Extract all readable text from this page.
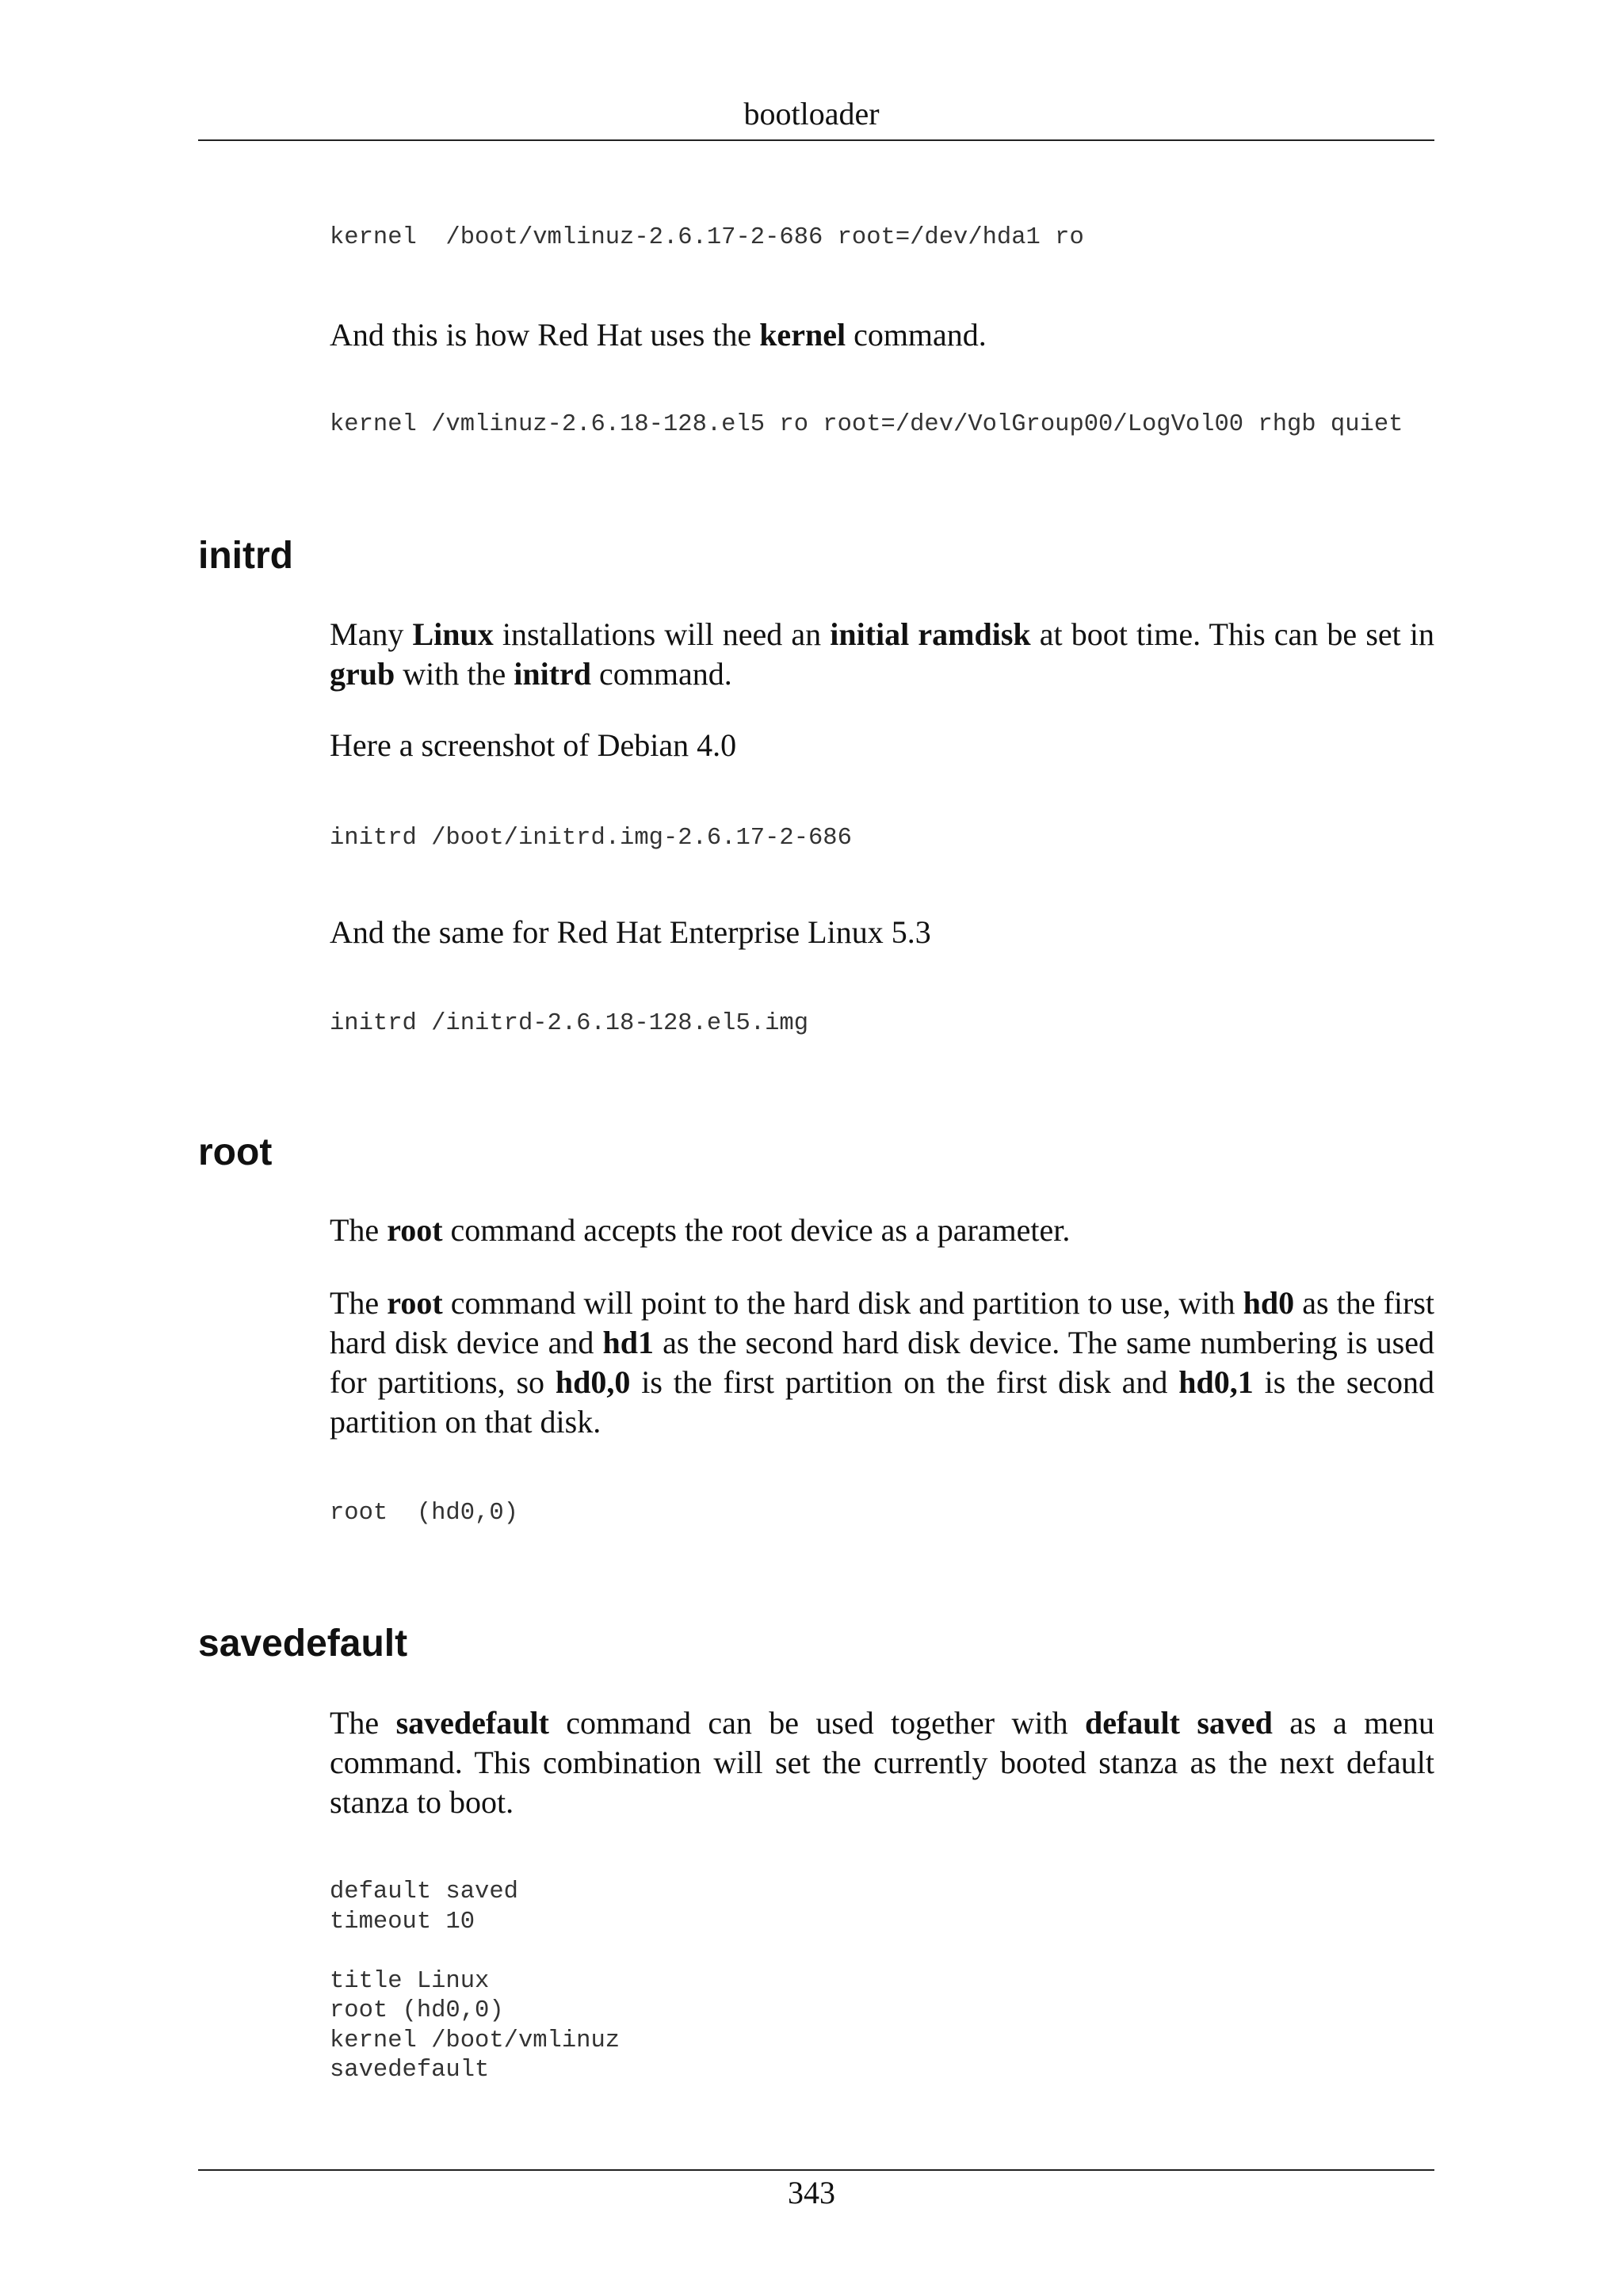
bootloader
kernel  /boot/vmlinuz-2.6.17-2-686 root=/dev/hda1 ro

And this is how Red Hat uses the kernel command.

kernel /vmlinuz-2.6.18-128.el5 ro root=/dev/VolGroup00/LogVol00 rhgb quiet
initrd

Many Linux installations will need an initial ramdisk at boot time. This can be set in grub with the initrd command.

Here a screenshot of Debian 4.0

initrd /boot/initrd.img-2.6.17-2-686

And the same for Red Hat Enterprise Linux 5.3

initrd /initrd-2.6.18-128.el5.img
root

The root command accepts the root device as a parameter.

The root command will point to the hard disk and partition to use, with hd0 as the first hard disk device and hd1 as the second hard disk device. The same numbering is used for partitions, so hd0,0 is the first partition on the first disk and hd0,1 is the second partition on that disk.

root  (hd0,0)
savedefault

The savedefault command can be used together with default saved as a menu command. This combination will set the currently booted stanza as the next default stanza to boot.

default saved
timeout 10

title Linux
root (hd0,0)
kernel /boot/vmlinuz
savedefault
343
